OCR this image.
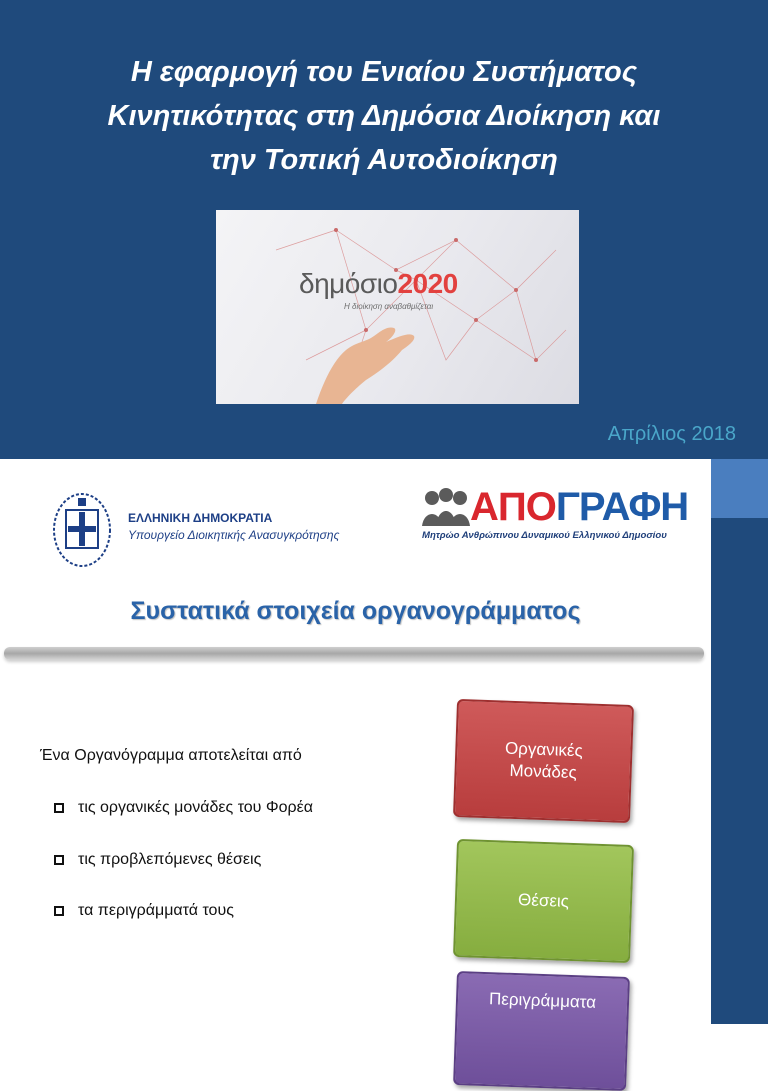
Η εφαρμογή του Ενιαίου Συστήματος
Κινητικότητας στη Δημόσια Διοίκηση και
την Τοπική Αυτοδιοίκηση
δημόσιο2020
Η διοίκηση αναβαθμίζεται
Απρίλιος 2018
ΕΛΛΗΝΙΚΗ ΔΗΜΟΚΡΑΤΙΑ
Υπουργείο Διοικητικής Ανασυγκρότησης
ΑΠΟΓΡΑΦΗ
Μητρώο Ανθρώπινου Δυναμικού Ελληνικού Δημοσίου
Συστατικά στοιχεία οργανογράμματος
Ένα Οργανόγραμμα αποτελείται από
τις οργανικές μονάδες του Φορέα
τις προβλεπόμενες θέσεις
τα περιγράμματά τους
Οργανικές Μονάδες
Θέσεις
Περιγράμματα
